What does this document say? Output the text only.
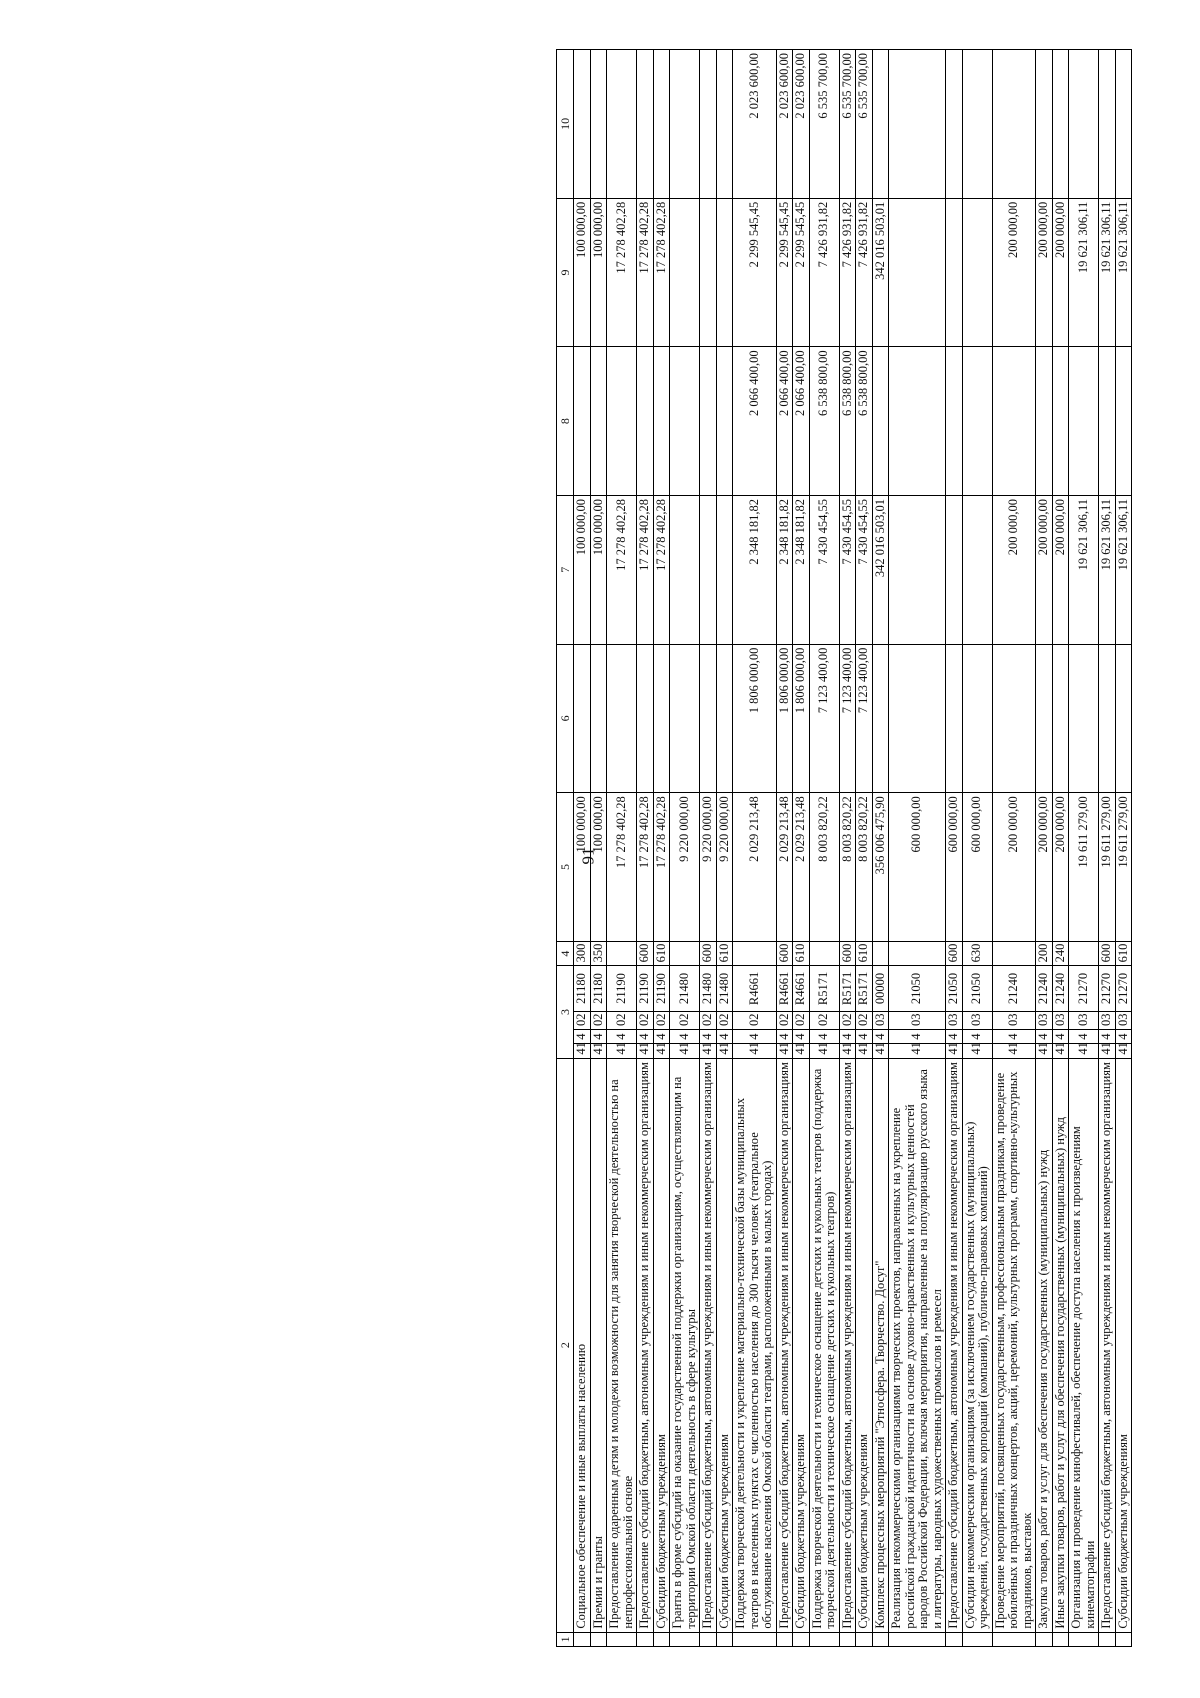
91
1	2	3				4	5	6	7	8	9	10
	Социальное обеспечение и иные выплаты населению	41	4	02	21180	300	100 000,00		100 000,00		100 000,00	
	Премии и гранты	41	4	02	21180	350	100 000,00		100 000,00		100 000,00	
	Предоставление одаренным детям и молодежи возможности для занятия творческой деятельностью на непрофессиональной основе	41	4	02	21190		17 278 402,28		17 278 402,28		17 278 402,28	
	Предоставление субсидий бюджетным, автономным учреждениям и иным некоммерческим организациям	41	4	02	21190	600	17 278 402,28		17 278 402,28		17 278 402,28	
	Субсидии бюджетным учреждениям	41	4	02	21190	610	17 278 402,28		17 278 402,28		17 278 402,28	
	Гранты в форме субсидий на оказание государственной поддержки организациям, осуществляющим на территории Омской области деятельность в сфере культуры	41	4	02	21480		9 220 000,00					
	Предоставление субсидий бюджетным, автономным учреждениям и иным некоммерческим организациям	41	4	02	21480	600	9 220 000,00					
	Субсидии бюджетным учреждениям	41	4	02	21480	610	9 220 000,00					
	Поддержка творческой деятельности и укрепление материально-технической базы муниципальных театров в населенных пунктах с численностью населения до 300 тысяч человек (театральное обслуживание населения Омской области театрами, расположенными в малых городах)	41	4	02	R4661		2 029 213,48	1 806 000,00	2 348 181,82	2 066 400,00	2 299 545,45	2 023 600,00
	Предоставление субсидий бюджетным, автономным учреждениям и иным некоммерческим организациям	41	4	02	R4661	600	2 029 213,48	1 806 000,00	2 348 181,82	2 066 400,00	2 299 545,45	2 023 600,00
	Субсидии бюджетным учреждениям	41	4	02	R4661	610	2 029 213,48	1 806 000,00	2 348 181,82	2 066 400,00	2 299 545,45	2 023 600,00
	Поддержка творческой деятельности и техническое оснащение детских и кукольных театров (поддержка творческой деятельности и техническое оснащение детских и кукольных театров)	41	4	02	R5171		8 003 820,22	7 123 400,00	7 430 454,55	6 538 800,00	7 426 931,82	6 535 700,00
	Предоставление субсидий бюджетным, автономным учреждениям и иным некоммерческим организациям	41	4	02	R5171	600	8 003 820,22	7 123 400,00	7 430 454,55	6 538 800,00	7 426 931,82	6 535 700,00
	Субсидии бюджетным учреждениям	41	4	02	R5171	610	8 003 820,22	7 123 400,00	7 430 454,55	6 538 800,00	7 426 931,82	6 535 700,00
	Комплекс процессных мероприятий "Этносфера. Творчество. Досуг"	41	4	03	00000		356 006 475,90		342 016 503,01		342 016 503,01	
	Реализация некоммерческими организациями творческих проектов, направленных на укрепление российской гражданской идентичности на основе духовно-нравственных и культурных ценностей народов Российской Федерации, включая мероприятия, направленные на популяризацию русского языка и литературы, народных художественных промыслов и ремесел	41	4	03	21050		600 000,00					
	Предоставление субсидий бюджетным, автономным учреждениям и иным некоммерческим организациям	41	4	03	21050	600	600 000,00					
	Субсидии некоммерческим организациям (за исключением государственных (муниципальных) учреждений, государственных корпораций (компаний), публично-правовых компаний)	41	4	03	21050	630	600 000,00					
	Проведение мероприятий, посвященных государственным, профессиональным праздникам, проведение юбилейных и праздничных концертов, акций, церемоний, культурных программ, спортивно-культурных праздников, выставок	41	4	03	21240		200 000,00		200 000,00		200 000,00	
	Закупка товаров, работ и услуг для обеспечения государственных (муниципальных) нужд	41	4	03	21240	200	200 000,00		200 000,00		200 000,00	
	Иные закупки товаров, работ и услуг для обеспечения государственных (муниципальных) нужд	41	4	03	21240	240	200 000,00		200 000,00		200 000,00	
	Организация и проведение кинофестивалей, обеспечение доступа населения к произведениям кинематографии	41	4	03	21270		19 611 279,00		19 621 306,11		19 621 306,11	
	Предоставление субсидий бюджетным, автономным учреждениям и иным некоммерческим организациям	41	4	03	21270	600	19 611 279,00		19 621 306,11		19 621 306,11	
	Субсидии бюджетным учреждениям	41	4	03	21270	610	19 611 279,00		19 621 306,11		19 621 306,11	
